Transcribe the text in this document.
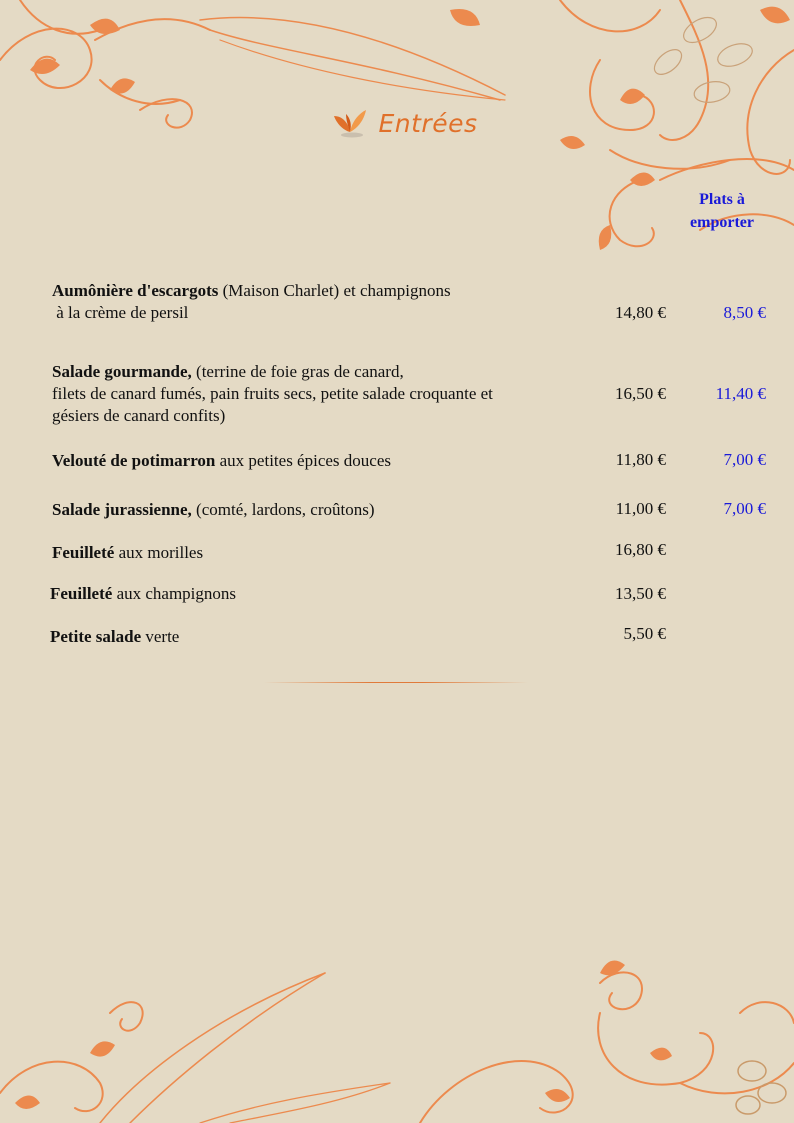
Entrées
Plats à emporter
Aumônière d'escargots (Maison Charlet) et champignons
à la crème de persil	14,80 €	8,50 €
Salade gourmande, (terrine de foie gras de canard,
filets de canard fumés, pain fruits secs, petite salade croquante et
gésiers de canard confits)
16,50 €	11,40 €
Velouté de potimarron aux petites épices douces	11,80 €	7,00 €
Salade jurassienne, (comté, lardons, croûtons)	11,00 €	7,00 €
Feuilleté aux morilles	16,80 €
Feuilleté aux champignons	13,50 €
Petite salade verte	5,50 €
